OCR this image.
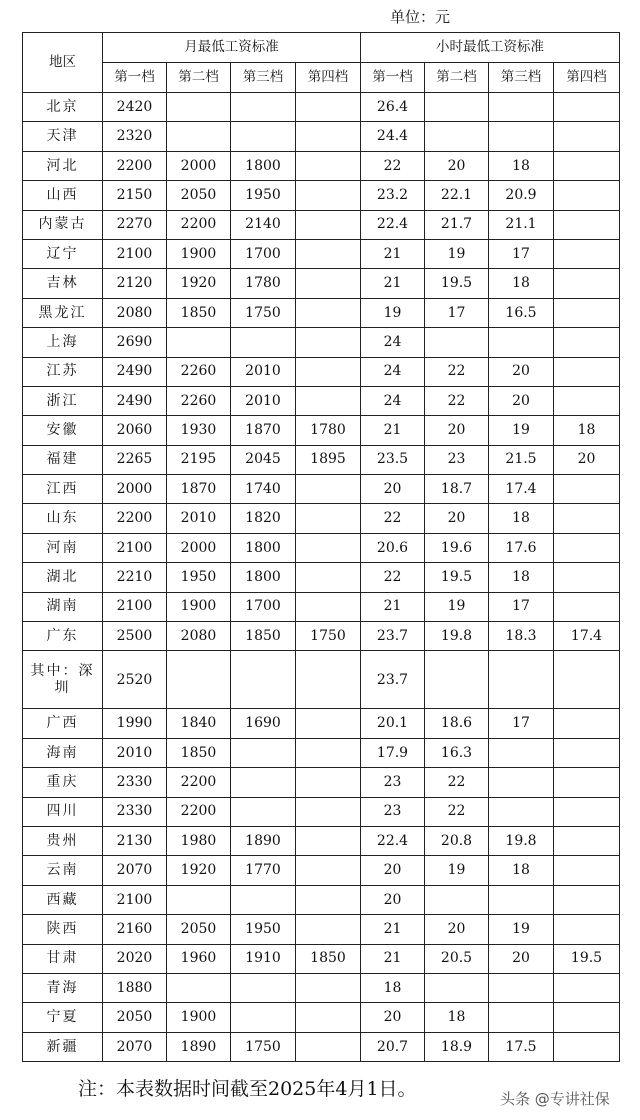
单位：元
地区	月最低工资标准				小时最低工资标准			
	第一档	第二档	第三档	第四档	第一档	第二档	第三档	第四档
北京	2420				26.4			
天津	2320				24.4			
河北	2200	2000	1800		22	20	18	
山西	2150	2050	1950		23.2	22.1	20.9	
内蒙古	2270	2200	2140		22.4	21.7	21.1	
辽宁	2100	1900	1700		21	19	17	
吉林	2120	1920	1780		21	19.5	18	
黑龙江	2080	1850	1750		19	17	16.5	
上海	2690				24			
江苏	2490	2260	2010		24	22	20	
浙江	2490	2260	2010		24	22	20	
安徽	2060	1930	1870	1780	21	20	19	18
福建	2265	2195	2045	1895	23.5	23	21.5	20
江西	2000	1870	1740		20	18.7	17.4	
山东	2200	2010	1820		22	20	18	
河南	2100	2000	1800		20.6	19.6	17.6	
湖北	2210	1950	1800		22	19.5	18	
湖南	2100	1900	1700		21	19	17	
广东	2500	2080	1850	1750	23.7	19.8	18.3	17.4
其中：深圳	2520				23.7			
广西	1990	1840	1690		20.1	18.6	17	
海南	2010	1850			17.9	16.3		
重庆	2330	2200			23	22		
四川	2330	2200			23	22		
贵州	2130	1980	1890		22.4	20.8	19.8	
云南	2070	1920	1770		20	19	18	
西藏	2100				20			
陕西	2160	2050	1950		21	20	19	
甘肃	2020	1960	1910	1850	21	20.5	20	19.5
青海	1880				18			
宁夏	2050	1900			20	18		
新疆	2070	1890	1750		20.7	18.9	17.5	
注：本表数据时间截至2025年4月1日。	头条 @专讲社保
